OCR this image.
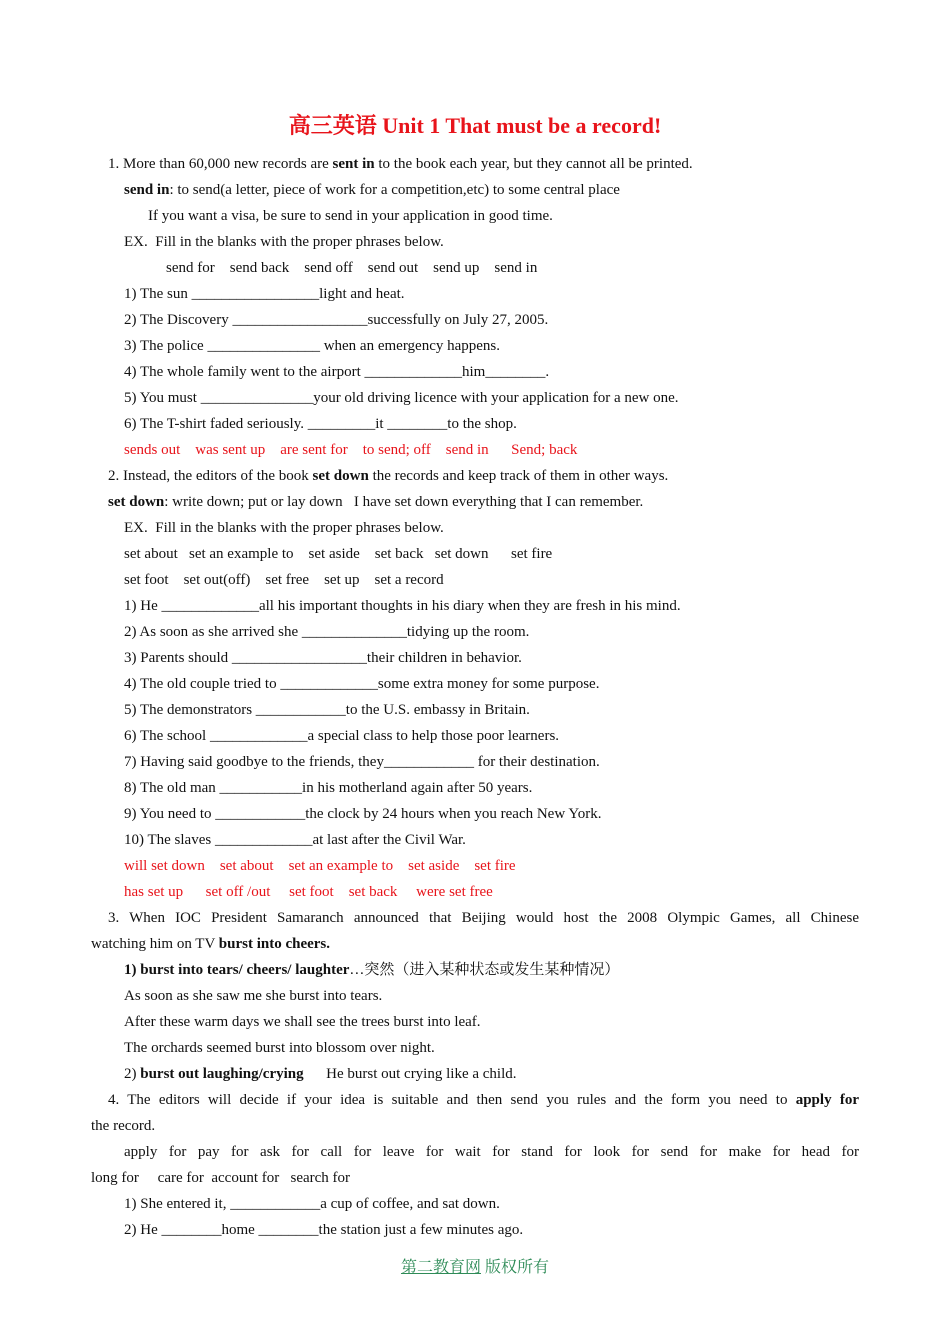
高三英语 Unit 1 That must be a record!
1. More than 60,000 new records are sent in to the book each year, but they cannot all be printed.
send in: to send(a letter, piece of work for a competition,etc) to some central place
If you want a visa, be sure to send in your application in good time.
EX.  Fill in the blanks with the proper phrases below.
send for    send back    send off    send out    send up    send in
1) The sun _________________light and heat.
2) The Discovery __________________successfully on July 27, 2005.
3) The police _______________ when an emergency happens.
4) The whole family went to the airport _____________him________.
5) You must _______________your old driving licence with your application for a new one.
6) The T-shirt faded seriously. _________it ________to the shop.
sends out    was sent up    are sent for    to send; off    send in      Send; back
2. Instead, the editors of the book set down the records and keep track of them in other ways.
set down: write down; put or lay down   I have set down everything that I can remember.
EX.  Fill in the blanks with the proper phrases below.
set about   set an example to    set aside    set back   set down      set fire
set foot    set out(off)    set free    set up    set a record
1) He _____________all his important thoughts in his diary when they are fresh in his mind.
2) As soon as she arrived she ______________tidying up the room.
3) Parents should __________________their children in behavior.
4) The old couple tried to _____________some extra money for some purpose.
5) The demonstrators ____________to the U.S. embassy in Britain.
6) The school _____________a special class to help those poor learners.
7) Having said goodbye to the friends, they____________ for their destination.
8) The old man ___________in his motherland again after 50 years.
9) You need to ____________the clock by 24 hours when you reach New York.
10) The slaves _____________at last after the Civil War.
will set down    set about    set an example to    set aside    set fire
has set up      set off /out     set foot    set back     were set free
3. When IOC President Samaranch announced that Beijing would host the 2008 Olympic Games, all Chinese
watching him on TV burst into cheers.
1) burst into tears/ cheers/ laughter…突然（进入某种状态或发生某种情况）
As soon as she saw me she burst into tears.
After these warm days we shall see the trees burst into leaf.
The orchards seemed burst into blossom over night.
2) burst out laughing/crying      He burst out crying like a child.
4. The editors will decide if your idea is suitable and then send you rules and the form you need to apply for
the record.
apply for pay for ask for call for leave for wait for stand for look for send for make for head for
long for     care for  account for   search for
1) She entered it, ____________a cup of coffee, and sat down.
2) He ________home ________the station just a few minutes ago.
第二教育网 版权所有
